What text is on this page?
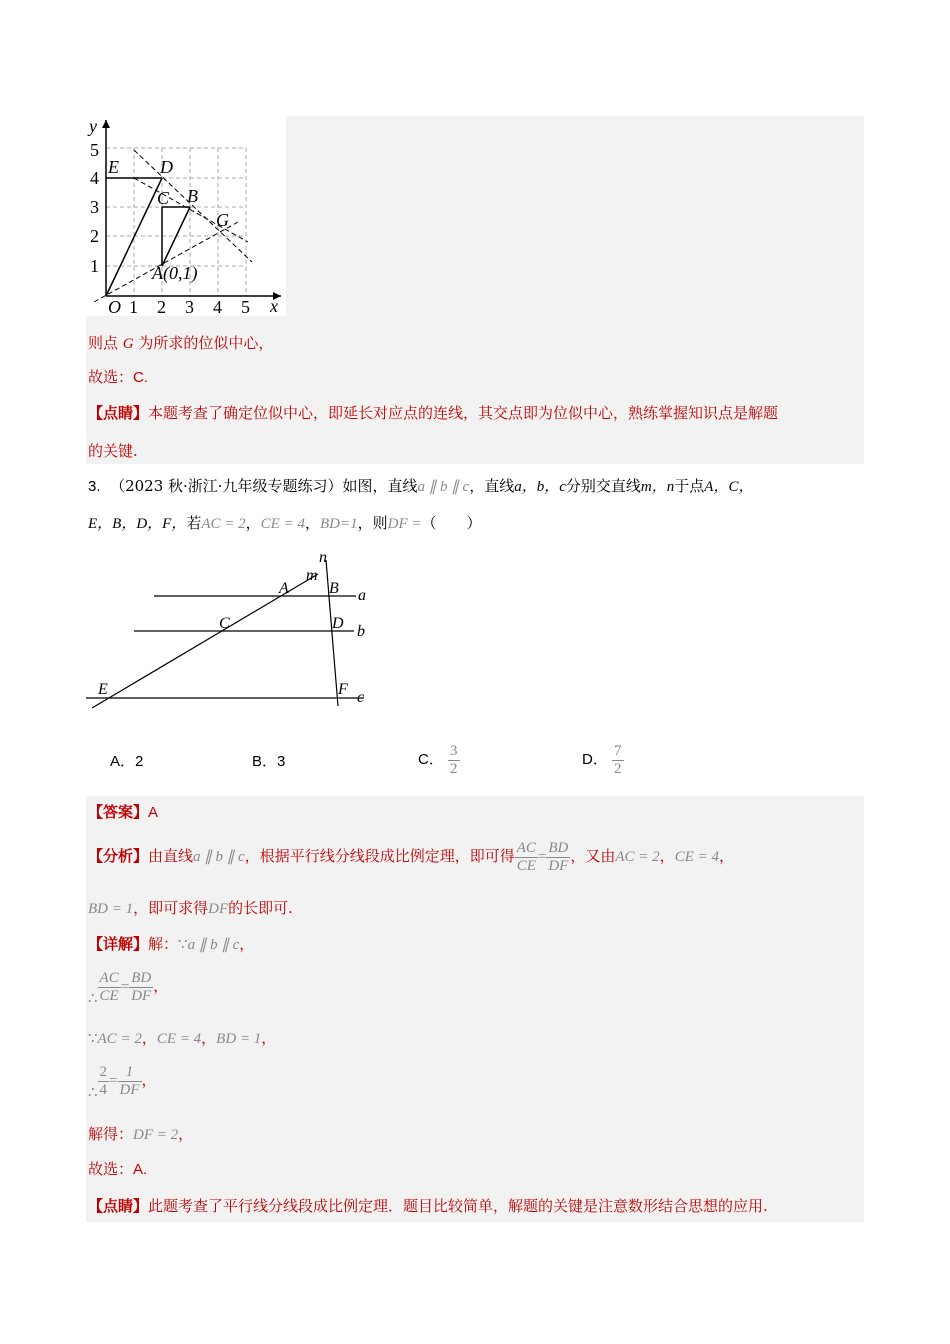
y
x
O 1 2 3 4 5
1
2
3
4
5
E D
C B
G
A(0,1)
则点 G 为所求的位似中心，
故选：C.
【点睛】本题考查了确定位似中心，即延长对应点的连线，其交点即为位似中心，熟练掌握知识点是解题
的关键.
3. （2023 秋·浙江·九年级专题练习）如图，直线a ∥ b ∥ c，直线a，b，c分别交直线m，n于点A，C，
E，B，D，F，若AC = 2，CE = 4，BD=1，则DF =（　　）
n
m
A	B a
C	D b
E	F c
A．2	B．3	C． $\frac{3}{2}$	D． $\frac{7}{2}$
【答案】A
【分析】由直线a ∥ b ∥ c，根据平行线分线段成比例定理，即可得 $\frac{AC}{CE} = \frac{BD}{DF}$ ，又由AC = 2，CE = 4，
BD = 1，即可求得DF的长即可.
【详解】解：∵a ∥ b ∥ c，
∴ $\frac{AC}{CE} = \frac{BD}{DF}$ ，
∵AC = 2，CE = 4，BD = 1，
∴ $\frac{2}{4} = \frac{1}{DF}$ ，
解得：DF = 2，
故选：A.
【点睛】此题考查了平行线分线段成比例定理．题目比较简单，解题的关键是注意数形结合思想的应用.
